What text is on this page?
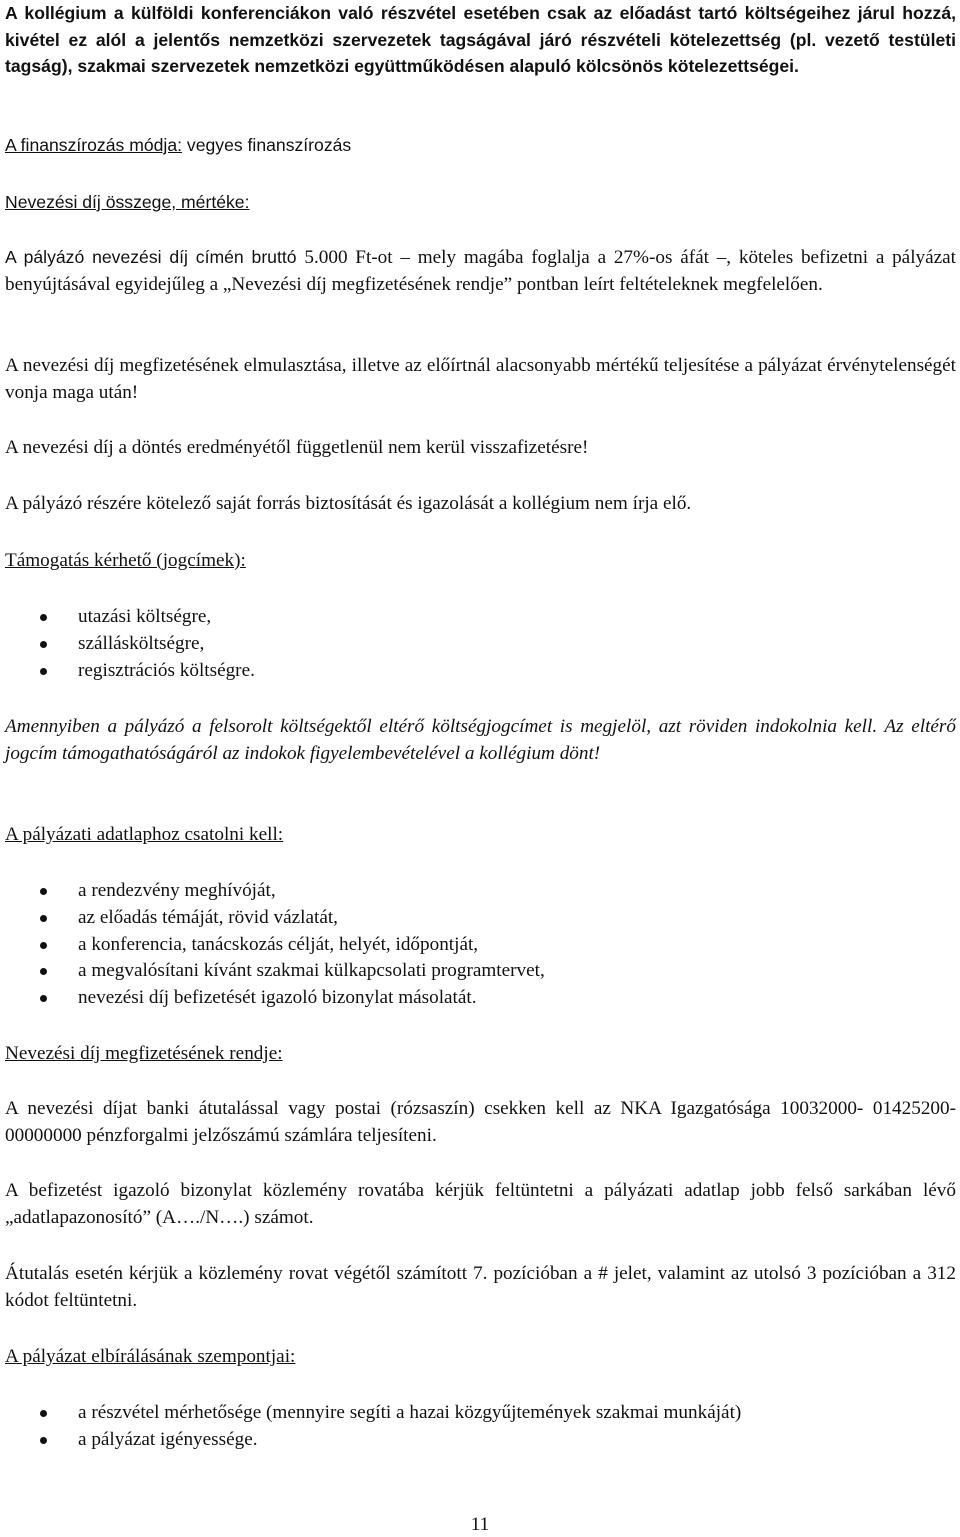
A kollégium a külföldi konferenciákon való részvétel esetében csak az előadást tartó költségeihez járul hozzá, kivétel ez alól a jelentős nemzetközi szervezetek tagságával járó részvételi kötelezettség (pl. vezető testületi tagság), szakmai szervezetek nemzetközi együttműködésen alapuló kölcsönös kötelezettségei.

A finanszírozás módja: vegyes finanszírozás

Nevezési díj összege, mértéke:

A pályázó nevezési díj címén bruttó 5.000 Ft-ot – mely magába foglalja a 27%-os áfát –, köteles befizetni a pályázat benyújtásával egyidejűleg a „Nevezési díj megfizetésének rendje” pontban leírt feltételeknek megfelelően.

A nevezési díj megfizetésének elmulasztása, illetve az előírtnál alacsonyabb mértékű teljesítése a pályázat érvénytelenségét vonja maga után!

A nevezési díj a döntés eredményétől függetlenül nem kerül visszafizetésre!

A pályázó részére kötelező saját forrás biztosítását és igazolását a kollégium nem írja elő.

Támogatás kérhető (jogcímek):

utazási költségre,
szállásköltségre,
regisztrációs költségre.

Amennyiben a pályázó a felsorolt költségektől eltérő költségjogcímet is megjelöl, azt röviden indokolnia kell. Az eltérő jogcím támogathatóságáról az indokok figyelembevételével a kollégium dönt!

A pályázati adatlaphoz csatolni kell:

a rendezvény meghívóját,
az előadás témáját, rövid vázlatát,
a konferencia, tanácskozás célját, helyét, időpontját,
a megvalósítani kívánt szakmai külkapcsolati programtervet,
nevezési díj befizetését igazoló bizonylat másolatát.

Nevezési díj megfizetésének rendje:

A nevezési díjat banki átutalással vagy postai (rózsaszín) csekken kell az NKA Igazgatósága 10032000- 01425200-00000000 pénzforgalmi jelzőszámú számlára teljesíteni.

A befizetést igazoló bizonylat közlemény rovatába kérjük feltüntetni a pályázati adatlap jobb felső sarkában lévő „adatlapazonosító” (A…./N….) számot.

Átutalás esetén kérjük a közlemény rovat végétől számított 7. pozícióban a # jelet, valamint az utolsó 3 pozícióban a 312 kódot feltüntetni.

A pályázat elbírálásának szempontjai:

a részvétel mérhetősége (mennyire segíti a hazai közgyűjtemények szakmai munkáját)
a pályázat igényessége.
11
